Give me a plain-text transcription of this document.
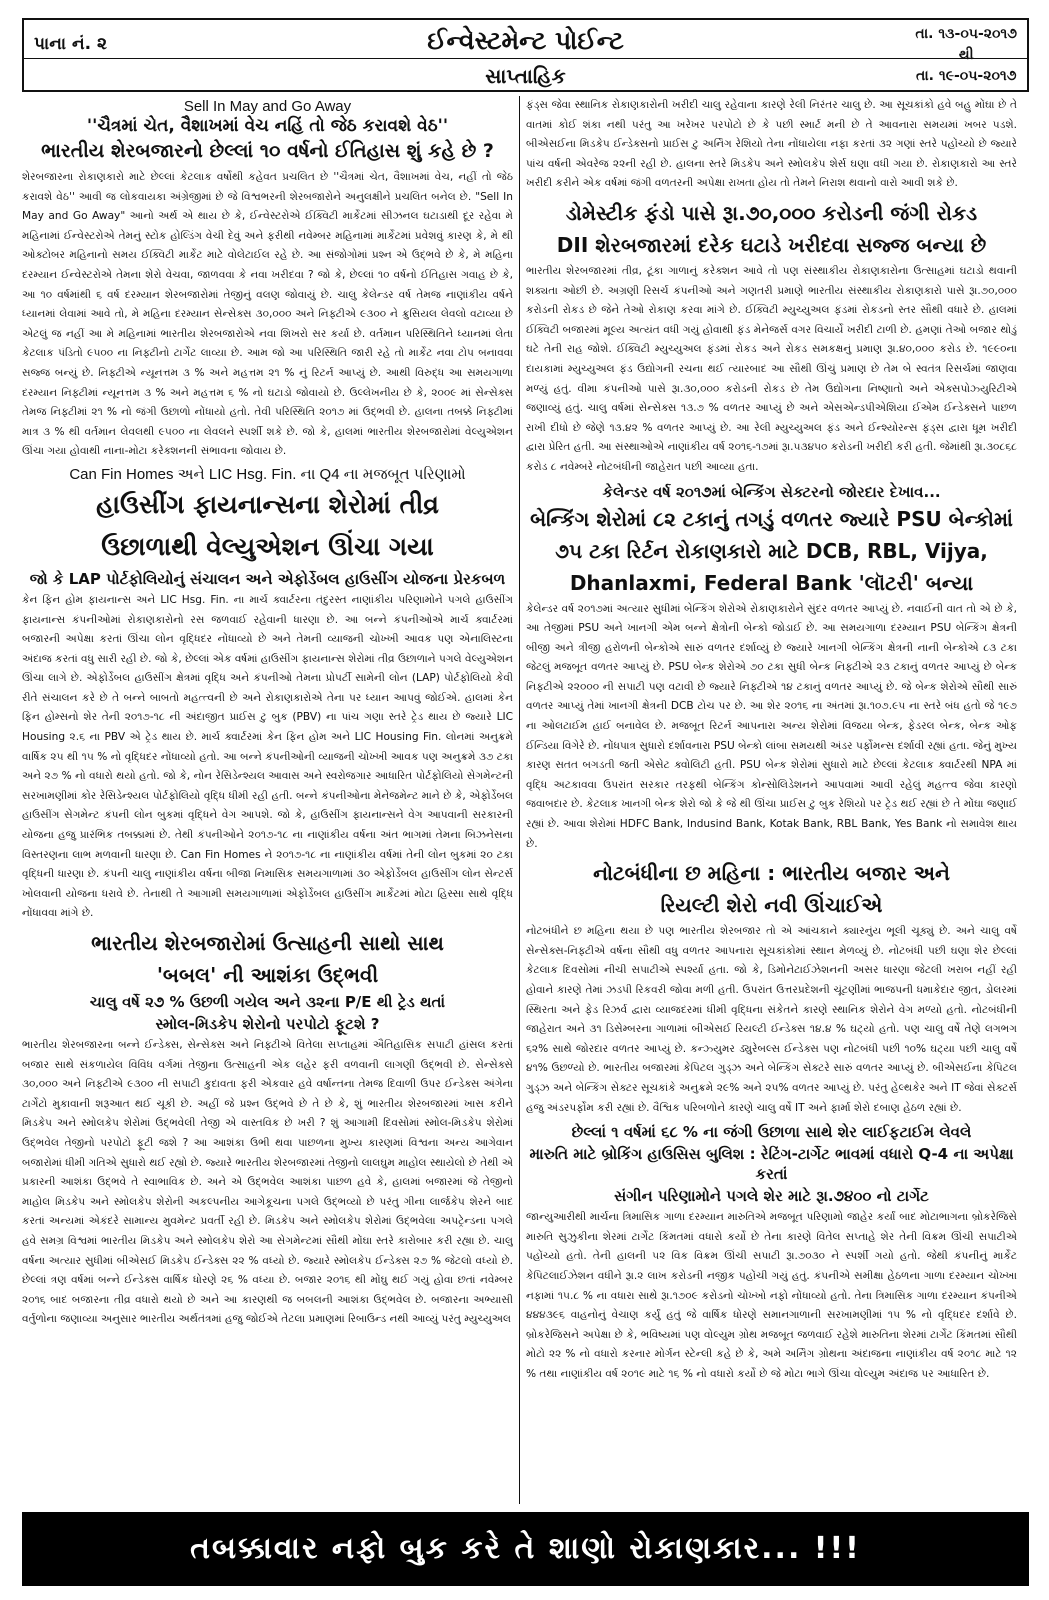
પાના નં. ૨	ઈન્વેસ્ટમેન્ટ પોઈન્ટ
સાપ્તાહિક
તા. ૧૩-૦૫-૨૦૧૭
થી
તા. ૧૯-૦૫-૨૦૧૭
Sell In May and Go Away
''ચૈત્રમાં ચેત, વૈશાખમાં વેચ નહિં તો જેઠ કરાવશે વેઠ''
ભારતીય શેરબજારનો છેલ્લાં ૧૦ વર્ષનો ઈતિહાસ શું કહે છે ?

શેરબજારના રોકાણકારો માટે છેલ્લાં કેટલાક વર્ષોથી કહેવત પ્રચલિત છે ''ચૈત્રમાં ચેત, વૈશાખમાં વેચ, નહીં તો જેઠ કરાવશે વેઠ'' આવી જ લોકવાયકા અંગ્રેજીમાં છે જે વિશ્વભરની શેરબજારોને અનુલક્ષીને પ્રચલિત બનેલ છે. "Sell In May and Go Away" આનો અર્થ એ થાય છે કે, ઈન્વેસ્ટરોએ ઈક્વિટી માર્કેટમાં સીઝનલ ઘટાડાથી દૂર રહેવા મે મહિનામાં ઈન્વેસ્ટરોએ તેમનું સ્ટોક હોલ્ડિંગ વેચી દેવું અને ફરીથી નવેમ્બર મહિનામાં માર્કેટમાં પ્રવેશવું કારણ કે, મે થી ઓક્ટોબર મહિનાનો સમય ઈક્વિટી માર્કેટ માટે વોલેટાઈલ રહે છે. આ સંજોગોમાં પ્રશ્ન એ ઉદ્ભવે છે કે, મે મહિના દરમ્યાન ઈન્વેસ્ટરોએ તેમના શેરો વેચવા, જાળવવા કે નવા ખરીદવા ? જો કે, છેલ્લાં ૧૦ વર્ષનો ઈતિહાસ ગવાહ છે કે, આ ૧૦ વર્ષમાંથી ૬ વર્ષ દરમ્યાન શેરબજારોમાં તેજીનું વલણ જોવાયું છે. ચાલુ કેલેન્ડર વર્ષ તેમજ નાણાંકીય વર્ષને ધ્યાનમાં લેવામાં આવે તો, મે મહિના દરમ્યાન સેન્સેક્સ ૩૦,૦૦૦ અને નિફ્ટીએ ૯૩૦૦ ને ક્રુસિયલ લેવલો વટાવ્યા છે એટલું જ નહીં આ મે મહિનામાં ભારતીય શેરબજારોએ નવા શિખરો સર કર્યા છે. વર્તમાન પરિસ્થિતિને ધ્યાનમાં લેતા કેટલાક પંડિતો ૯૫૦૦ ના નિફ્ટીનો ટાર્ગેટ લાવ્યા છે. આમ જો આ પરિસ્થિતિ જારી રહે તો માર્કેટ નવા ટોપ બનાવવા સજ્જ બન્યું છે. નિફ્ટીએ ન્યૂનત્તમ ૩ % અને મહત્તમ ૨૧ % નું રિટર્ન આપ્યું છે. આથી વિરુદ્ધ આ સમયગાળા દરમ્યાન નિફ્ટીમાં ન્યૂનત્તમ ૩ % અને મહત્તમ ૬ % નો ઘટાડો જોવાયો છે. ઉલ્લેખનીય છે કે, ૨૦૦૯ માં સેન્સેક્સ તેમજ નિફ્ટીમાં ૨૧ % નો જંગી ઉછાળો નોંધાયો હતો. તેવી પરિસ્થિતિ ૨૦૧૭ માં ઉદ્ભવી છે. હાલના તબક્કે નિફ્ટીમાં માત્ર ૩ % થી વર્તમાન લેવલથી ૯૫૦૦ ના લેવલને સ્પર્શી શકે છે. જો કે, હાલમાં ભારતીય શેરબજારોમાં વેલ્યુએશન ઊંચા ગયા હોવાથી નાના-મોટા કરેક્શનની સંભાવના જોવાય છે.

Can Fin Homes અને LIC Hsg. Fin. ના Q4 ના મજબૂત પરિણામો
હાઉસીંગ ફાયનાન્સના શેરોમાં તીવ્ર
ઉછાળાથી વેલ્યુએશન ઊંચા ગયા
જો કે LAP પોર્ટફોલિયોનું સંચાલન અને એફોર્ડેબલ હાઉસીંગ યોજના પ્રેરકબળ

કેન ફિન હોમ ફાયનાન્સ અને LIC Hsg. Fin. ના માર્ચ ક્વાર્ટરના તંદુરસ્ત નાણાંકીય પરિણામોને પગલે હાઉસીંગ ફાયનાન્સ કંપનીઓમાં રોકાણકારોનો રસ જળવાઈ રહેવાની ધારણા છે. આ બન્ને કંપનીઓએ માર્ચ ક્વાર્ટરમાં બજારની અપેક્ષા કરતાં ઊંચા લોન વૃદ્ધિદર નોંધાવ્યો છે અને તેમની વ્યાજની ચોખ્ખી આવક પણ એનાલિસ્ટના અંદાજ કરતાં વધુ સારી રહી છે. જો કે, છેલ્લાં એક વર્ષમાં હાઉસીંગ ફાયનાન્સ શેરોમાં તીવ્ર ઉછાળાને પગલે વેલ્યુએશન ઊંચા લાગે છે. એફોર્ડેબલ હાઉસીંગ ક્ષેત્રમાં વૃદ્ધિ અને કંપનીઓ તેમના પ્રોપર્ટી સામેની લોન (LAP) પોર્ટફોલિયો કેવી રીતે સંચાલન કરે છે તે બન્ને બાબતો મહત્ત્વની છે અને રોકાણકારોએ તેના પર ધ્યાન આપવું જોઈએ. હાલમાં કેન ફિન હોમ્સનો શેર તેની ૨૦૧૭-૧૮ ની અંદાજીત પ્રાઈસ ટુ બુક (PBV) ના પાંચ ગણા સ્તરે ટ્રેડ થાય છે જ્યારે LIC Housing ૨.૬ ના PBV એ ટ્રેડ થાય છે. માર્ચ ક્વાર્ટરમાં કેન ફિન હોમ અને LIC Housing Fin. લોનમાં અનુક્રમે વાર્ષિક ૨૫ થી ૧૫ % નો વૃદ્ધિદર નોંધાવ્યો હતો. આ બન્ને કંપનીઓની વ્યાજની ચોખ્ખી આવક પણ અનુક્રમે ૩૭ ટકા અને ૨૭ % નો વધારો થયો હતો. જો કે, નોન રેસિડેન્શ્યલ આવાસ અને સ્વરોજગાર આધારિત પોર્ટફોલિયો સેગમેન્ટની સરખામણીમાં કોર રેસિડેન્શ્યલ પોર્ટફોલિયો વૃદ્ધિ ધીમી રહી હતી. બન્ને કંપનીઓના મેનેજમેન્ટ માને છે કે, એફોર્ડેબલ હાઉસીંગ સેગમેન્ટ કંપની લોન બુકમાં વૃદ્ધિને વેગ આપશે. જો કે, હાઉસીંગ ફાયનાન્સને વેગ આપવાની સરકારની યોજના હજુ પ્રારંભિક તબક્કામાં છે. તેથી કંપનીઓને ૨૦૧૭-૧૮ ના નાણાંકીય વર્ષના અંત ભાગમાં તેમના બિઝનેસના વિસ્તરણના લાભ મળવાની ધારણા છે. Can Fin Homes ને ૨૦૧૭-૧૮ ના નાણાંકીય વર્ષમાં તેની લોન બુકમાં ૨૦ ટકા વૃદ્ધિની ધારણા છે. કંપની ચાલુ નાણાંકીય વર્ષના બીજા નિમાસિક સમયગાળામાં ૩૦ એફોર્ડેબલ હાઉસીંગ લોન સેન્ટર્સ ખોલવાની યોજના ધરાવે છે. તેનાથી તે આગામી સમયગાળામાં એફોર્ડેબલ હાઉસીંગ માર્કેટમાં મોટા હિસ્સા સાથે વૃદ્ધિ નોંધાવવા માંગે છે.

ભારતીય શેરબજારોમાં ઉત્સાહની સાથો સાથ
'બબલ' ની આશંકા ઉદ્ભવી
ચાલુ વર્ષે ૨૭ % ઉછળી ગયેલ અને ૩૨ના P/E થી ટ્રેડ થતાં
સ્મોલ-મિડકેપ શેરોનો પરપોટો ફૂટશે ?

ભારતીય શેરબજારના બન્ને ઈન્ડેક્સ, સેન્સેક્સ અને નિફ્ટીએ વિતેલા સપ્તાહમાં ઐતિહાસિક સપાટી હાંસલ કરતાં બજાર સાથે સંકળાયેલ વિવિધ વર્ગમાં તેજીના ઉત્સાહની એક લહેર ફરી વળવાની લાગણી ઉદ્ભવી છે. સેન્સેક્સે ૩૦,૦૦૦ અને નિફ્ટીએ ૯૩૦૦ ની સપાટી કુદાવતા ફરી એકવાર હવે વર્ષાન્તના તેમજ દિવાળી ઉપર ઈન્ડેક્સ અંગેના ટાર્ગેટો મુકાવાની શરૂઆત થઈ ચૂકી છે. અહીં જે પ્રશ્ન ઉદ્ભવે છે તે છે કે, શું ભારતીય શેરબજારમાં ખાસ કરીને મિડકેપ અને સ્મોલકેપ શેરોમાં ઉદ્ભવેલી તેજી એ વાસ્તવિક છે ખરી ? શું આગામી દિવસોમાં સ્મોલ-મિડકેપ શેરોમાં ઉદ્ભવેલ તેજીનો પરપોટો ફૂટી જશે ? આ આશંકા ઉભી થવા પાછળના મુખ્ય કારણમાં વિશ્વના અન્ય આગેવાન બજારોમાં ધીમી ગતિએ સુધારો થઈ રહ્યો છે. જ્યારે ભારતીય શેરબજારમાં તેજીનો લાલઘુમ માહોલ સ્થાયેલો છે તેથી એ પ્રકારની આશંકા ઉદ્ભવે તે સ્વાભાવિક છે. અને એ ઉદ્ભવેલ આશંકા પાછળ હવે કે, હાલમાં બજારમાં જે તેજીનો માહોલ મિડકેપ અને સ્મોલકેપ શેરોની અકલ્પનીય આગેકૂચના પગલે ઉદ્ભવ્યો છે પરંતુ ગીના લાર્જકેપ શેરને બાદ કરતાં અન્યમાં એકંદરે સામાન્ય મુવમેન્ટ પ્રવર્તી રહી છે. મિડકેપ અને સ્મોલકેપ શેરોમાં ઉદ્ભવેલા અપટ્રેન્ડના પગલે હવે સમગ્ર વિશ્વમાં ભારતીય મિડકેપ અને સ્મોલકેપ શેરો આ સેગમેન્ટમાં સૌથી મોંઘા સ્તરે કારોબાર કરી રહ્યા છે. ચાલુ વર્ષના અત્યાર સુધીમાં બીએસઈ મિડકેપ ઈન્ડેક્સ ૨૨ % વધ્યો છે. જ્યારે સ્મોલકેપ ઈન્ડેક્સ ૨૭ % જેટલો વધ્યો છે. છેલ્લાં ત્રણ વર્ષમાં બન્ને ઈન્ડેક્સ વાર્ષિક ધોરણે ૨૬ % વધ્યા છે. બજાર ૨૦૧૬ થી મોંઘુ થઈ ગયું હોવા છતાં નવેમ્બર ૨૦૧૬ બાદ બજારના તીવ્ર વધારો થયો છે અને આ કારણથી જ બબલની આશંકા ઉદ્ભવેલ છે. બજારના અભ્યાસી વર્તુળોના જણાવ્યા અનુસાર ભારતીય અર્થતંત્રમાં હજુ જોઈએ તેટલા પ્રમાણમાં રિબાઉન્ડ નથી આવ્યું પરંતુ મ્યુચ્યુઅલ

ફંડ્સ જેવા સ્થાનિક રોકાણકારોની ખરીદી ચાલુ રહેવાના કારણે રેલી નિરંતર ચાલુ છે. આ સૂચકાંકો હવે બહુ મોંઘા છે તે વાતમાં કોઈ શંકા નથી પરંતુ આ ખરેખર પરપોટો છે કે પછી સ્માર્ટ મની છે તે આવનારા સમયમાં ખબર પડશે. બીએસઈના મિડકેપ ઈન્ડેક્સનો પ્રાઈસ ટુ અર્નિંગ રેશિયો તેના નોંધાયેલા નફા કરતાં ૩૨ ગણાં સ્તરે પહોંચ્યો છે જ્યારે પાંચ વર્ષની એવરેજ ૨૨ની રહી છે. હાલના સ્તરે મિડકેપ અને સ્મોલકેપ શેર્સ ઘણા વધી ગયા છે. રોકાણકારો આ સ્તરે ખરીદી કરીને એક વર્ષમાં જંગી વળતરની અપેક્ષા રાખતા હોય તો તેમને નિરાશ થવાનો વારો આવી શકે છે.

ડોમેસ્ટીક ફંડો પાસે રૂા.૭૦,૦૦૦ કરોડની જંગી રોકડ
DII શેરબજારમાં દરેક ઘટાડે ખરીદવા સજ્જ બન્યા છે

ભારતીય શેરબજારમાં તીવ્ર, ટૂંકા ગાળાનું કરેક્શન આવે તો પણ સંસ્થાકીય રોકાણકારોના ઉત્સાહમાં ઘટાડો થવાની શક્યતા ઓછી છે. અગ્રણી રિસર્ચ કંપનીઓ અને ગણતરી પ્રમાણે ભારતીય સંસ્થાકીય રોકાણકારો પાસે રૂા.૭૦,૦૦૦ કરોડની રોકડ છે જેને તેઓ રોકાણ કરવા માંગે છે. ઈક્વિટી મ્યુચ્યુઅલ ફંડમાં રોકડનો સ્તર સૌથી વધારે છે. હાલમાં ઈક્વિટી બજારમાં મૂલ્ય અત્યંત વધી ગયું હોવાથી ફંડ મેનેજર્સ વગર વિચાર્યે ખરીદી ટાળી છે. હમણાં તેઓ બજાર થોડું ઘટે તેની રાહ જોશે. ઈક્વિટી મ્યુચ્યુઅલ ફંડમાં રોકડ અને રોકડ સમકક્ષનું પ્રમાણ રૂા.૪૦,૦૦૦ કરોડ છે. ૧૯૯૦ના દાયકામાં મ્યુચ્યુઅલ ફંડ ઉદ્યોગની રચના થઈ ત્યારબાદ આ સૌથી ઊંચું પ્રમાણ છે તેમ બે સ્વતંત્ર રિસર્ચમાં જાણવા મળ્યું હતું. વીમા કંપનીઓ પાસે રૂા.૩૦,૦૦૦ કરોડની રોકડ છે તેમ ઉદ્યોગના નિષ્ણાતો અને એક્સપોઝ્યુરિટીએ જણાવ્યું હતું. ચાલુ વર્ષમાં સેન્સેક્સ ૧૩.૭ % વળતર આપ્યું છે અને એસએન્ડપીએશિયા ઈએમ ઈન્ડેક્સને પાછળ રાખી દીધો છે જેણે ૧૩.૪૨ % વળતર આપ્યું છે. આ રેલી મ્યુચ્યુઅલ ફંડ અને ઈન્શ્યોરન્સ ફંડ્સ દ્વારા ધૂમ ખરીદી દ્વારા પ્રેરિત હતી. આ સંસ્થાઓએ નાણાંકીય વર્ષ ૨૦૧૬-૧૭માં રૂા.૫૩૪૫૦ કરોડની ખરીદી કરી હતી. જેમાંથી રૂા.૩૦૮૬૮ કરોડ ૮ નવેમ્બરે નોટબંધીની જાહેરાત પછી આવ્યા હતા.

કેલેન્ડર વર્ષ ૨૦૧૭માં બેન્કિંગ સેક્ટરનો જોરદાર દેખાવ...
બેન્કિંગ શેરોમાં ૮૨ ટકાનું તગડું વળતર જ્યારે PSU બેન્કોમાં
૭૫ ટકા રિર્ટન રોકાણકારો માટે DCB, RBL, Vijya,
Dhanlaxmi, Federal Bank 'લૉટરી' બન્યા

કેલેન્ડર વર્ષ ૨૦૧૭માં અત્યાર સુધીમાં બેન્કિંગ શેરોએ રોકાણકારોને સુંદર વળતર આપ્યું છે. નવાઈની વાત તો એ છે કે, આ તેજીમાં PSU અને ખાનગી એમ બન્ને ક્ષેત્રોની બેન્કો જોડાઈ છે. આ સમયગાળા દરમ્યાન PSU બેન્કિંગ ક્ષેત્રની બીજી અને ત્રીજી હરોળની બેન્કોએ સારું વળતર દર્શાવ્યું છે જ્યારે ખાનગી બેન્કિંગ ક્ષેત્રની નાની બેન્કોએ ૮૩ ટકા જેટલું મજબૂત વળતર આપ્યું છે. PSU બેન્ક શેરોએ ૭૦ ટકા સુધી બેન્ક નિફ્ટીએ ૨૩ ટકાનું વળતર આપ્યું છે બેન્ક નિફ્ટીએ ૨૨૦૦૦ ની સપાટી પણ વટાવી છે જ્યારે નિફ્ટીએ ૧૪ ટકાનું વળતર આપ્યું છે. જે બેન્ક શેરોએ સૌથી સારું વળતર આપ્યું તેમાં ખાનગી ક્ષેત્રની DCB ટોચ પર છે. આ શેર ૨૦૧૬ ના અંતમાં રૂા.૧૦૭.૯૫ ના સ્તરે બંધ હતો જે ૧૯૭ ના ઓલટાઈમ હાઈ બનાવેલ છે. મજબૂત રિટર્ન આપનારા અન્ય શેરોમાં વિજયા બેન્ક, ફેડરલ બેન્ક, બેન્ક ઓફ ઈન્ડિયા વિગેરે છે. નોંધપાત્ર સુધારો દર્શાવનારા PSU બેન્કો લાંબા સમયથી અંડર પર્ફોમન્સ દર્શાવી રહ્યાં હતા. જેનું મુખ્ય કારણ સતત બગડતી જતી એસેટ ક્વોલિટી હતી. PSU બેન્ક શેરોમાં સુધારો માટે છેલ્લાં કેટલાક ક્વાર્ટરથી NPA માં વૃદ્ધિ અટકાવવા ઉપરાંત સરકાર તરફથી બેન્કિંગ કોન્સોલિડેશનને આપવામાં આવી રહેલું મહત્ત્વ જેવા કારણો જવાબદાર છે. કેટલાક ખાનગી બેન્ક શેરો જો કે જે થી ઊંચા પ્રાઈસ ટુ બુક રેશિયો પર ટ્રેડ થઈ રહ્યાં છે તે મોંઘા જણાઈ રહ્યાં છે. આવા શેરોમાં HDFC Bank, Indusind Bank, Kotak Bank, RBL Bank, Yes Bank નો સમાવેશ થાય છે.

નોટબંધીના છ મહિના : ભારતીય બજાર અને
રિયલ્ટી શેરો નવી ઊંચાઈએ

નોટબંધીને છ મહિના થયા છે પણ ભારતીય શેરબજાર તો એ આંચકાને ક્યારનુંય ભૂલી ચૂક્યું છે. અને ચાલુ વર્ષે સેન્સેક્સ-નિફ્ટીએ વર્ષના સૌથી વધુ વળતર આપનારા સૂચકાંકોમાં સ્થાન મેળવ્યું છે. નોટબંધી પછી ઘણા શેર છેલ્લાં કેટલાક દિવસોમાં નીચી સપાટીએ સ્પર્શ્યા હતા. જો કે, ડિમોનેટાઈઝેશનની અસર ધારણા જેટલી ખરાબ નહીં રહી હોવાને કારણે તેમાં ઝડપી રિકવરી જોવા મળી હતી. ઉપરાંત ઉત્તરપ્રદેશની ચૂંટણીમાં ભાજપની ધમાકેદાર જીત, ડોલરમાં સ્થિરતા અને ફેડ રિઝર્વ દ્વારા વ્યાજદરમાં ધીમી વૃદ્ધિના સંકેતને કારણે સ્થાનિક શેરોને વેગ મળ્યો હતો. નોટબંધીની જાહેરાત અને ૩૧ ડિસેમ્બરના ગાળામાં બીએસઈ રિયલ્ટી ઈન્ડેક્સ ૧૪.૪ % ઘટ્યો હતો. પણ ચાલુ વર્ષે તેણે લગભગ ૬૨% સાથે જોરદાર વળતર આપ્યું છે. કન્ઝ્યુમર ડ્યુરેબલ્સ ઈન્ડેક્સ પણ નોટબંધી પછી ૧૦% ઘટ્યા પછી ચાલુ વર્ષે ૪૧% ઉછળ્યો છે. ભારતીય બજારમાં કેપિટલ ગુડ્ઝ અને બેન્કિંગ સેક્ટરે સારું વળતર આપ્યું છે. બીએસઈના કેપિટલ ગુડ્ઝ અને બેન્કિંગ સેક્ટર સૂચકાંકે અનુક્રમે ૨૯% અને ૨૫% વળતર આપ્યું છે. પરંતુ હેલ્થકેર અને IT જેવાં સેક્ટર્સ હજુ અંડરપર્ફોમ કરી રહ્યાં છે. વૈશ્વિક પરિબળોને કારણે ચાલુ વર્ષે IT અને ફાર્મા શેરો દબાણ હેઠળ રહ્યાં છે.

છેલ્લાં ૧ વર્ષમાં ૬૮ % ના જંગી ઉછાળા સાથે શેર લાઈફટાઈમ લેવલે
મારુતિ માટે બ્રોકિંગ હાઉસિસ બુલિશ : રેટિંગ-ટાર્ગેટ ભાવમાં વધારો Q-4 ના અપેક્ષા કરતાં
સંગીન પરિણામોને પગલે શેર માટે રૂા.૭૪૦૦ નો ટાર્ગેટ

જાન્યુઆરીથી માર્ચના ત્રિમાસિક ગાળા દરમ્યાન મારુતિએ મજબૂત પરિણામો જાહેર કર્યાં બાદ મોટાભાગના બ્રોકરેજિસે મારુતિ સુઝુકીના શેરમાં ટાર્ગેટ કિંમતમાં વધારો કર્યો છે તેના કારણે વિતેલ સપ્તાહે શેર તેની વિક્રમ ઊંચી સપાટીએ પહોંચ્યો હતો. તેની હાલની ૫૨ વિક વિક્રમ ઊંચી સપાટી રૂા.૭૦૩૦ ને સ્પર્શી ગયો હતો. જેથી કંપનીનું માર્કેટ કેપિટલાઈઝેશન વધીને રૂા.૨ લાખ કરોડની નજીક પહોંચી ગયું હતું. કંપનીએ સમીક્ષા હેઠળના ગાળા દરમ્યાન ચોખ્ખા નફામાં ૧૫.૮ % ના વધારા સાથે રૂા.૧૭૦૯ કરોડનો ચોખ્ખો નફો નોંધાવ્યો હતો. તેના ત્રિમાસિક ગાળા દરમ્યાન કંપનીએ ૪૪૪૩૯૬ વાહનોનું વેચાણ કર્યું હતું જે વાર્ષિક ધોરણે સમાનગાળાની સરખામણીમાં ૧૫ % નો વૃદ્ધિદર દર્શાવે છે. બ્રોકરેજિસને અપેક્ષા છે કે, ભવિષ્યમાં પણ વોલ્યુમ ગ્રોથ મજબૂત જળવાઈ રહેશે મારુતિના શેરમાં ટાર્ગેટ કિંમતમાં સૌથી મોટો ૨૨ % નો વધારો કરનાર મોર્ગન સ્ટેન્લી કહે છે કે, અમે અર્નિંગ ગ્રોથના અંદાજના નાણાંકીય વર્ષ ૨૦૧૮ માટે ૧૨ % તથા નાણાંકીય વર્ષ ૨૦૧૯ માટે ૧૬ % નો વધારો કર્યો છે જે મોટા ભાગે ઊંચા વોલ્યુમ અંદાજ પર આધારિત છે.

તબક્કાવાર નફો બુક કરે તે શાણો રોકાણકાર... !!!
